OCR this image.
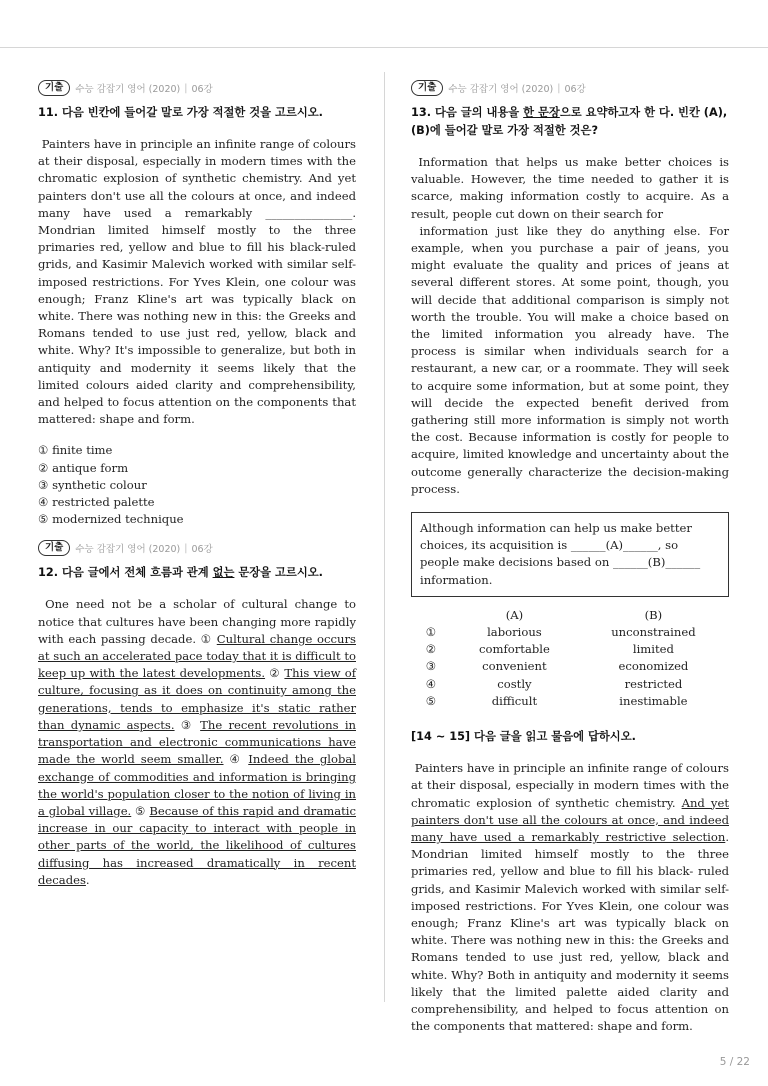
기출	수능 감잡기 영어 (2020) | 06강
11. 다음 빈칸에 들어갈 말로 가장 적절한 것을 고르시오.

Painters have in principle an infinite range of colours at their disposal, especially in modern times with the chromatic explosion of synthetic chemistry. And yet painters don't use all the colours at once, and indeed many have used a remarkably _______________. Mondrian limited himself mostly to the three primaries red, yellow and blue to fill his black-ruled grids, and Kasimir Malevich worked with similar self-imposed restrictions. For Yves Klein, one colour was enough; Franz Kline's art was typically black on white. There was nothing new in this: the Greeks and Romans tended to use just red, yellow, black and white. Why? It's impossible to generalize, but both in antiquity and modernity it seems likely that the limited colours aided clarity and comprehensibility, and helped to focus attention on the components that mattered: shape and form.

① finite time
② antique form
③ synthetic colour
④ restricted palette
⑤ modernized technique
기출	수능 감잡기 영어 (2020) | 06강
12. 다음 글에서 전체 흐름과 관계 없는 문장을 고르시오.

One need not be a scholar of cultural change to notice that cultures have been changing more rapidly with each passing decade. ① Cultural change occurs at such an accelerated pace today that it is difficult to keep up with the latest developments. ② This view of culture, focusing as it does on continuity among the generations, tends to emphasize it's static rather than dynamic aspects. ③ The recent revolutions in transportation and electronic communications have made the world seem smaller. ④ Indeed the global exchange of commodities and information is bringing the world's population closer to the notion of living in a global village. ⑤ Because of this rapid and dramatic increase in our capacity to interact with people in other parts of the world, the likelihood of cultures diffusing has increased dramatically in recent decades.

기출	수능 감잡기 영어 (2020) | 06강
13. 다음 글의 내용을 한 문장으로 요약하고자 한 다. 빈칸 (A), (B)에 들어갈 말로 가장 적절한 것은?

Information that helps us make better choices is valuable. However, the time needed to gather it is scarce, making information costly to acquire. As a result, people cut down on their search for
information just like they do anything else. For example, when you purchase a pair of jeans, you might evaluate the quality and prices of jeans at several different stores. At some point, though, you will decide that additional comparison is simply not worth the trouble. You will make a choice based on the limited information you already have. The process is similar when individuals search for a restaurant, a new car, or a roommate. They will seek to acquire some information, but at some point, they will decide the expected benefit derived from gathering still more information is simply not worth the cost. Because information is costly for people to acquire, limited knowledge and uncertainty about the outcome generally characterize the decision-making process.

Although information can help us make better choices, its acquisition is ______(A)______, so people make decisions based on ______(B)______ information.
	(A)	(B)
①	laborious	unconstrained
②	comfortable	limited
③	convenient	economized
④	costly	restricted
⑤	difficult	inestimable
[14 ~ 15] 다음 글을 읽고 물음에 답하시오.

Painters have in principle an infinite range of colours at their disposal, especially in modern times with the chromatic explosion of synthetic chemistry. And yet painters don't use all the colours at once, and indeed many have used a remarkably restrictive selection. Mondrian limited himself mostly to the three primaries red, yellow and blue to fill his black- ruled grids, and Kasimir Malevich worked with similar self- imposed restrictions. For Yves Klein, one colour was enough; Franz Kline's art was typically black on white. There was nothing new in this: the Greeks and Romans tended to use just red, yellow, black and white. Why? Both in antiquity and modernity it seems likely that the limited palette aided clarity and comprehensibility, and helped to focus attention on the components that mattered: shape and form.

5 / 22
